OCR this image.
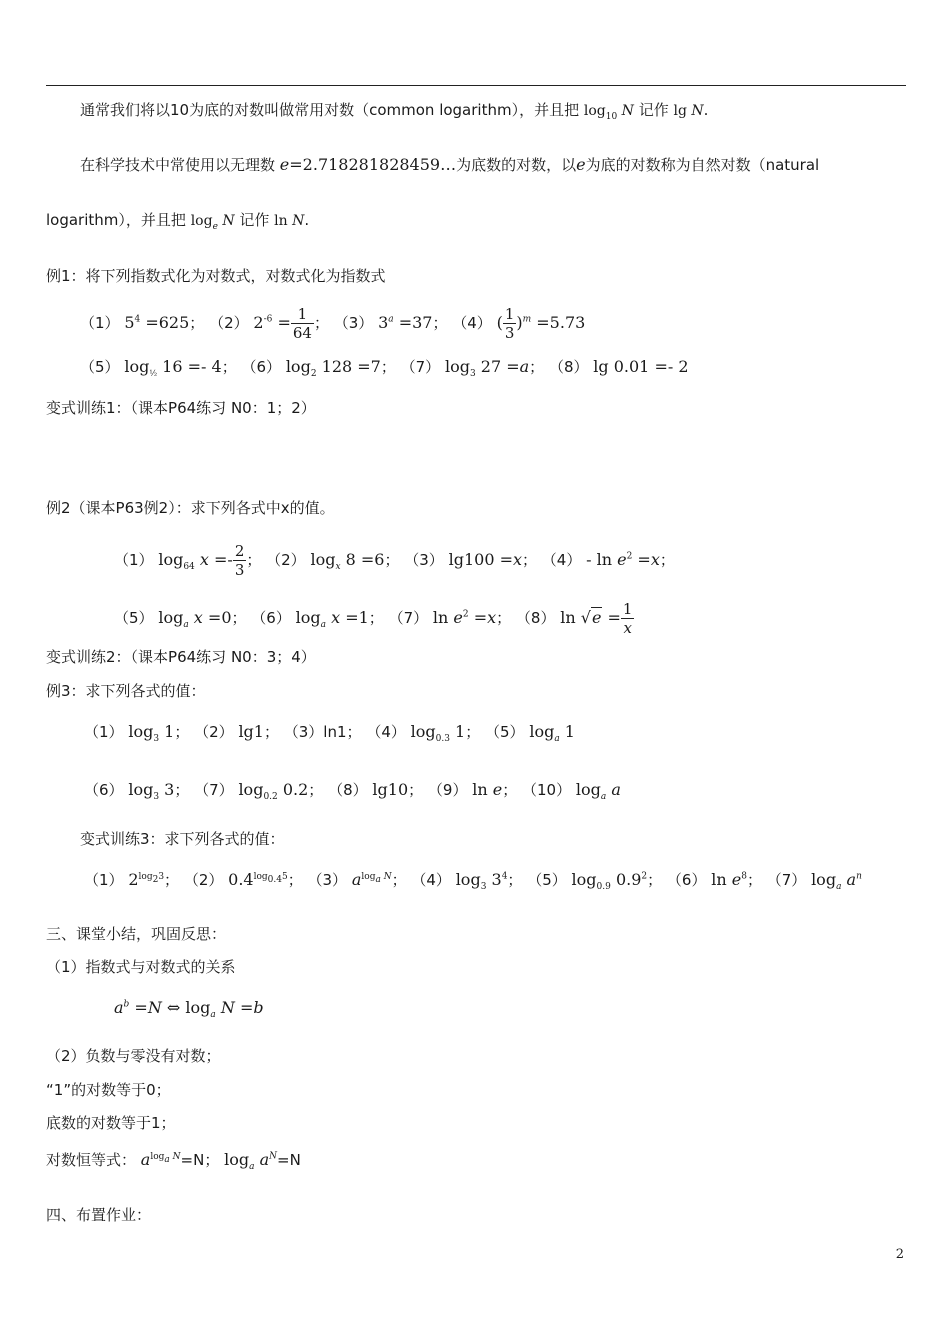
通常我们将以10为底的对数叫做常用对数（common logarithm），并且把 $\log_{10} N$ 记作 lg N.
在科学技术中常使用以无理数 e=2.718281828459…为底数的对数，以e为底的对数称为自然对数（natural
logarithm），并且把 $\log_e N$ 记作 ln N.
例1：将下列指数式化为对数式，对数式化为指数式
（1） $5^4 =625$； （2） $2^{-6} = \frac{1}{64}$ ； （3） $3^a =37$； （4） ( $\frac{1}{3} )^m =5.73$
（5） $\log_{\frac{1}{2}} 16 =- 4$； （6） $\log_2 128 =7$； （7） $\log_3 27 =a$； （8） lg 0.01 =- 2
变式训练1：（课本P64练习 N0：1；2）
例2（课本P63例2）：求下列各式中x的值。
（1） $\log_{64} x =- \frac{2}{3}$ ； （2） $\log_x 8 =6$； （3） lg100 =x； $(4) - \ln e^2 =x$；
（5） $\log_a x =0$； （6） $\log_a x =1$； （7） $\ln e^2 =x$； （8） $\ln √e = \frac{1}{x}$
变式训练2：（课本P64练习 N0：3；4）
例3：求下列各式的值：
（1） $\log_3 1$； （2） lg1； （3）ln1； （4） $\log_{0.3} 1$； （5） $\log_a 1$
（6） $\log_3 3$； （7） $\log_{0.2} 0.2$； （8） lg10； （9） ln e； （10） $\log_a a$
变式训练3：求下列各式的值：
（1） $2^{log_23}$； （2） $0.4^{log_{0.4}5}$； （3） $a^{log_a N}$； （4） $\log_3 3^4$； （5） $\log_{0.9} 0.9^2$； （6） $\ln e^8$； （7） $\log_a a^n$
三、课堂小结，巩固反思：
（1）指数式与对数式的关系
$a^b =N$ ⇔ $\log_a N =b$
（2）负数与零没有对数；
“1”的对数等于0；
底数的对数等于1；
对数恒等式： $a^{log_a N}=N$； $\log_a a^N=N$
四、布置作业：
2
